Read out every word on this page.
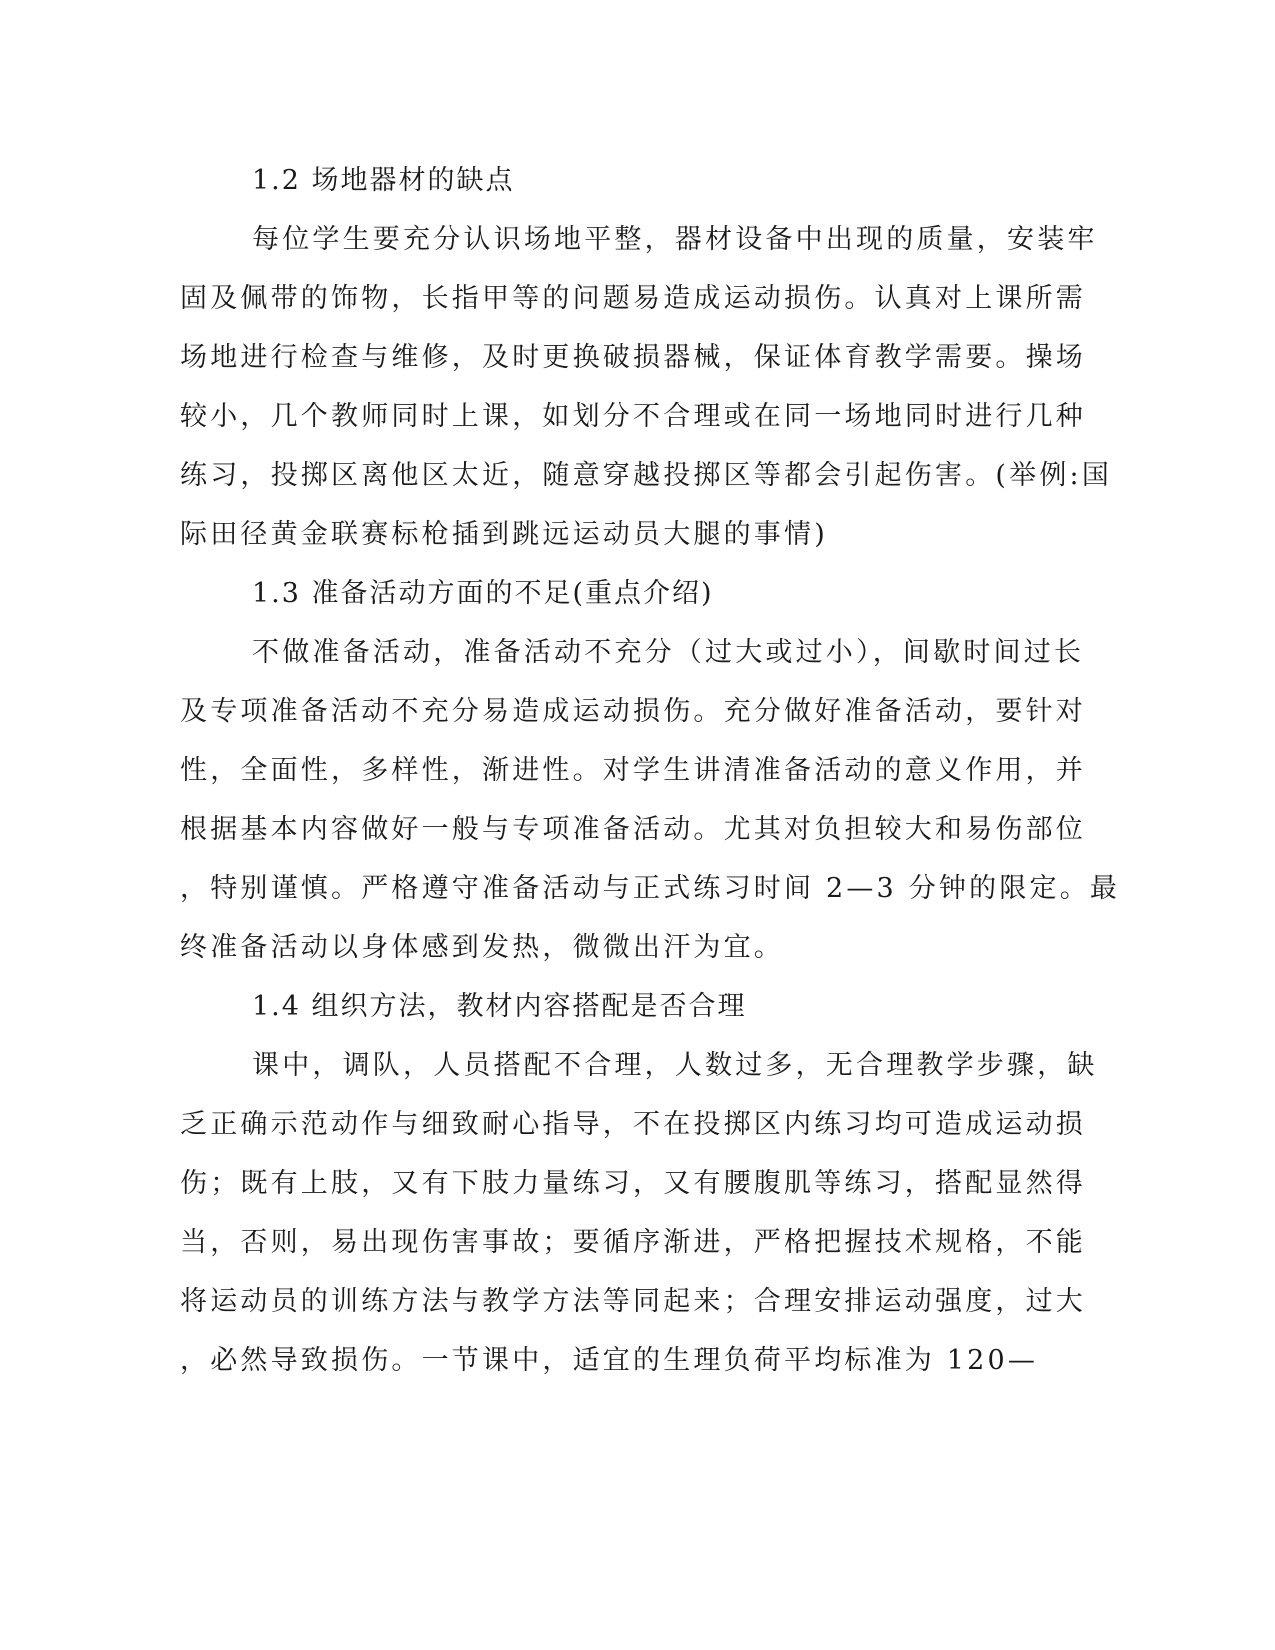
1.2 场地器材的缺点
每位学生要充分认识场地平整，器材设备中出现的质量，安装牢
固及佩带的饰物，长指甲等的问题易造成运动损伤。认真对上课所需
场地进行检查与维修，及时更换破损器械，保证体育教学需要。操场
较小，几个教师同时上课，如划分不合理或在同一场地同时进行几种
练习，投掷区离他区太近，随意穿越投掷区等都会引起伤害。(举例:国
际田径黄金联赛标枪插到跳远运动员大腿的事情)
1.3 准备活动方面的不足(重点介绍)
不做准备活动，准备活动不充分（过大或过小），间歇时间过长
及专项准备活动不充分易造成运动损伤。充分做好准备活动，要针对
性，全面性，多样性，渐进性。对学生讲清准备活动的意义作用，并
根据基本内容做好一般与专项准备活动。尤其对负担较大和易伤部位
，特别谨慎。严格遵守准备活动与正式练习时间 2—3 分钟的限定。最
终准备活动以身体感到发热，微微出汗为宜。
1.4 组织方法，教材内容搭配是否合理
课中，调队，人员搭配不合理，人数过多，无合理教学步骤，缺
乏正确示范动作与细致耐心指导，不在投掷区内练习均可造成运动损
伤；既有上肢，又有下肢力量练习，又有腰腹肌等练习，搭配显然得
当，否则，易出现伤害事故；要循序渐进，严格把握技术规格，不能
将运动员的训练方法与教学方法等同起来；合理安排运动强度，过大
，必然导致损伤。一节课中，适宜的生理负荷平均标准为 120—
